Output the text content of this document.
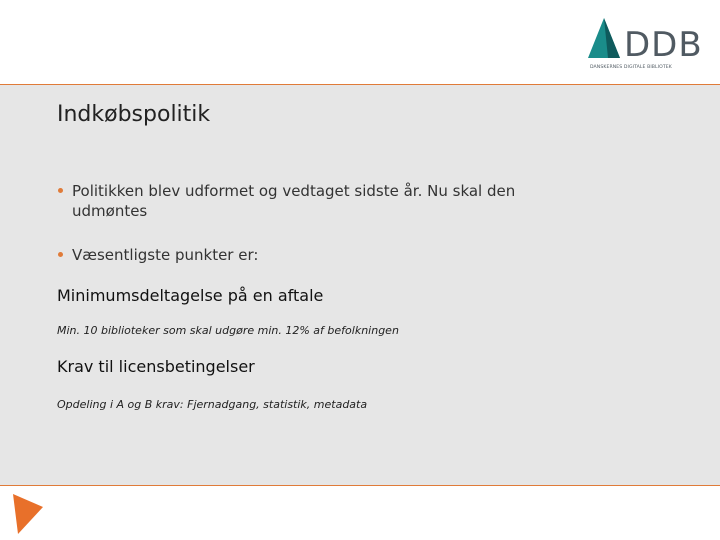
DDB
DANSKERNES DIGITALE BIBLIOTEK
Indkøbspolitik
Politikken blev udformet og vedtaget sidste år. Nu skal den udmøntes
Væsentligste punkter er:
Minimumsdeltagelse på en aftale

Min. 10 biblioteker som skal udgøre min. 12% af befolkningen

Krav til licensbetingelser

Opdeling i A og B krav: Fjernadgang, statistik, metadata
